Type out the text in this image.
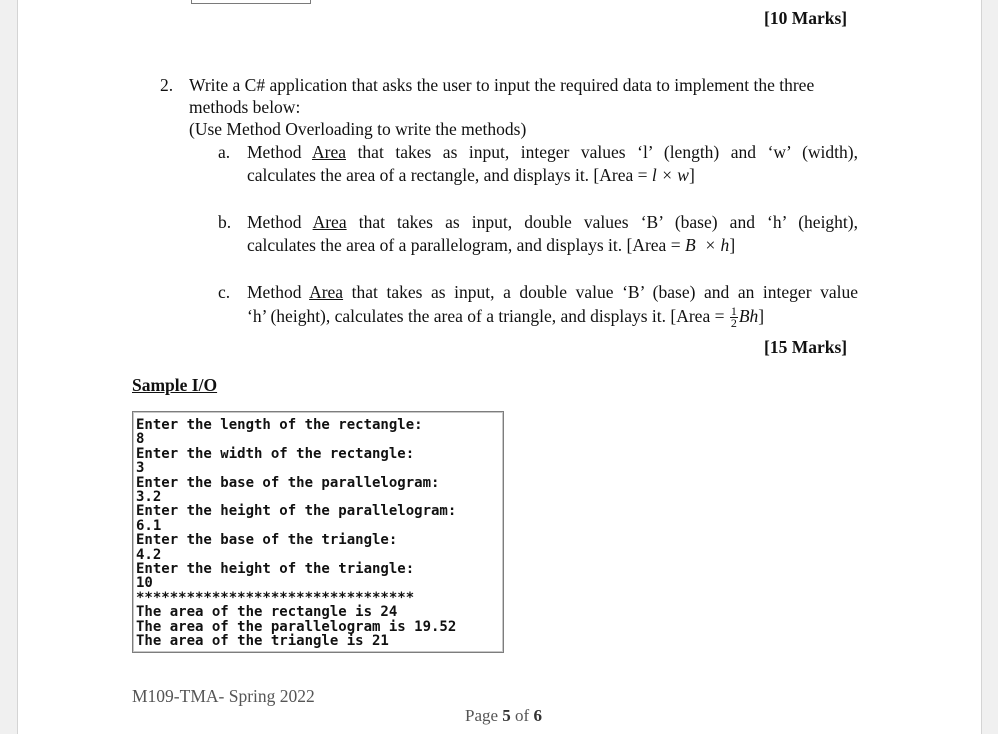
[10 Marks]
2. Write a C# application that asks the user to input the required data to implement the three
methods below:
(Use Method Overloading to write the methods)
a. Method Area that takes as input, integer values ‘l’ (length) and ‘w’ (width),
calculates the area of a rectangle, and displays it. [Area = l × w]
b. Method Area that takes as input, double values ‘B’ (base) and ‘h’ (height),
calculates the area of a parallelogram, and displays it. [Area = B  × h]
c. Method Area that takes as input, a double value ‘B’ (base) and an integer value
‘h’ (height), calculates the area of a triangle, and displays it. [Area = $\frac{1}{2} Bh$]
[15 Marks]
Sample I/O
Enter the length of the rectangle:
8
Enter the width of the rectangle:
3
Enter the base of the parallelogram:
3.2
Enter the height of the parallelogram:
6.1
Enter the base of the triangle:
4.2
Enter the height of the triangle:
10
*********************************
The area of the rectangle is 24
The area of the parallelogram is 19.52
The area of the triangle is 21
M109-TMA- Spring 2022
Page 5 of 6
